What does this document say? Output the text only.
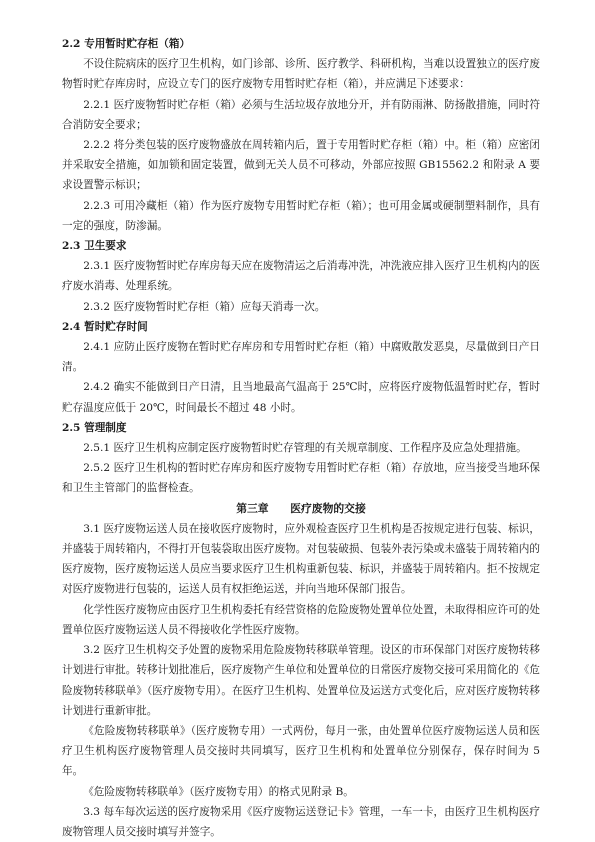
2.2 专用暂时贮存柜（箱）

不设住院病床的医疗卫生机构，如门诊部、诊所、医疗教学、科研机构，当难以设置独立的医疗废物暂时贮存库房时，应设立专门的医疗废物专用暂时贮存柜（箱），并应满足下述要求：

2.2.1 医疗废物暂时贮存柜（箱）必须与生活垃圾存放地分开，并有防雨淋、防扬散措施，同时符合消防安全要求；

2.2.2 将分类包装的医疗废物盛放在周转箱内后，置于专用暂时贮存柜（箱）中。柜（箱）应密闭并采取安全措施，如加锁和固定装置，做到无关人员不可移动，外部应按照 GB15562.2 和附录 A 要求设置警示标识；

2.2.3 可用冷藏柜（箱）作为医疗废物专用暂时贮存柜（箱）；也可用金属或硬制塑料制作，具有一定的强度，防渗漏。

2.3 卫生要求

2.3.1 医疗废物暂时贮存库房每天应在废物清运之后消毒冲洗，冲洗液应排入医疗卫生机构内的医疗废水消毒、处理系统。

2.3.2 医疗废物暂时贮存柜（箱）应每天消毒一次。

2.4 暂时贮存时间

2.4.1 应防止医疗废物在暂时贮存库房和专用暂时贮存柜（箱）中腐败散发恶臭，尽量做到日产日清。

2.4.2 确实不能做到日产日清，且当地最高气温高于 25℃时，应将医疗废物低温暂时贮存，暂时贮存温度应低于 20℃，时间最长不超过 48 小时。

2.5 管理制度

2.5.1 医疗卫生机构应制定医疗废物暂时贮存管理的有关规章制度、工作程序及应急处理措施。

2.5.2 医疗卫生机构的暂时贮存库房和医疗废物专用暂时贮存柜（箱）存放地，应当接受当地环保和卫生主管部门的监督检查。

第三章　　医疗废物的交接

3.1 医疗废物运送人员在接收医疗废物时，应外观检查医疗卫生机构是否按规定进行包装、标识，并盛装于周转箱内，不得打开包装袋取出医疗废物。对包装破损、包装外表污染或未盛装于周转箱内的医疗废物，医疗废物运送人员应当要求医疗卫生机构重新包装、标识，并盛装于周转箱内。拒不按规定对医疗废物进行包装的，运送人员有权拒绝运送，并向当地环保部门报告。

化学性医疗废物应由医疗卫生机构委托有经营资格的危险废物处置单位处置，未取得相应许可的处置单位医疗废物运送人员不得接收化学性医疗废物。

3.2 医疗卫生机构交予处置的废物采用危险废物转移联单管理。设区的市环保部门对医疗废物转移计划进行审批。转移计划批准后，医疗废物产生单位和处置单位的日常医疗废物交接可采用简化的《危险废物转移联单》（医疗废物专用）。在医疗卫生机构、处置单位及运送方式变化后，应对医疗废物转移计划进行重新审批。

《危险废物转移联单》（医疗废物专用）一式两份，每月一张，由处置单位医疗废物运送人员和医疗卫生机构医疗废物管理人员交接时共同填写，医疗卫生机构和处置单位分别保存，保存时间为 5 年。

《危险废物转移联单》（医疗废物专用）的格式见附录 B。

3.3 每车每次运送的医疗废物采用《医疗废物运送登记卡》管理，一车一卡，由医疗卫生机构医疗废物管理人员交接时填写并签字。
